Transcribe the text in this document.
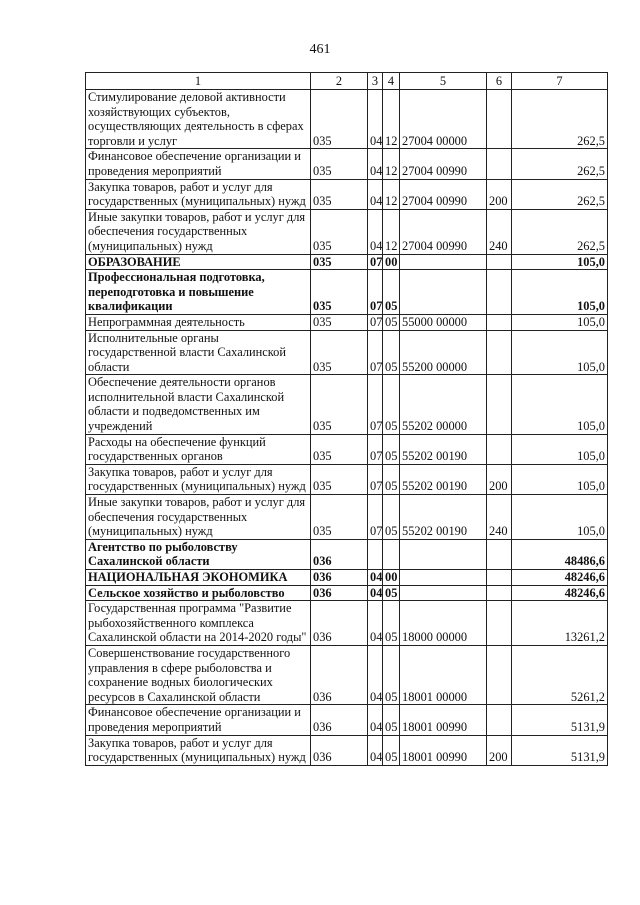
461
1	2	3	4	5	6	7
Стимулирование деловой активности хозяйствующих субъектов, осуществляющих деятельность в сферах торговли и услуг	035	04	12	27004 00000		262,5
Финансовое обеспечение организации и проведения мероприятий	035	04	12	27004 00990		262,5
Закупка товаров, работ и услуг для государственных (муниципальных) нужд	035	04	12	27004 00990	200	262,5
Иные закупки товаров, работ и услуг для обеспечения государственных (муниципальных) нужд	035	04	12	27004 00990	240	262,5
ОБРАЗОВАНИЕ	035	07	00			105,0
Профессиональная подготовка, переподготовка и повышение квалификации	035	07	05			105,0
Непрограммная деятельность	035	07	05	55000 00000		105,0
Исполнительные органы государственной власти Сахалинской области	035	07	05	55200 00000		105,0
Обеспечение деятельности органов исполнительной власти Сахалинской области и подведомственных им учреждений	035	07	05	55202 00000		105,0
Расходы на обеспечение функций государственных органов	035	07	05	55202 00190		105,0
Закупка товаров, работ и услуг для государственных (муниципальных) нужд	035	07	05	55202 00190	200	105,0
Иные закупки товаров, работ и услуг для обеспечения государственных (муниципальных) нужд	035	07	05	55202 00190	240	105,0
Агентство по рыболовству Сахалинской области	036					48486,6
НАЦИОНАЛЬНАЯ ЭКОНОМИКА	036	04	00			48246,6
Сельское хозяйство и рыболовство	036	04	05			48246,6
Государственная программа "Развитие рыбохозяйственного комплекса Сахалинской области на 2014-2020 годы"	036	04	05	18000 00000		13261,2
Совершенствование государственного управления в сфере рыболовства и сохранение водных биологических ресурсов в Сахалинской области	036	04	05	18001 00000		5261,2
Финансовое обеспечение организации и проведения мероприятий	036	04	05	18001 00990		5131,9
Закупка товаров, работ и услуг для государственных (муниципальных) нужд	036	04	05	18001 00990	200	5131,9
